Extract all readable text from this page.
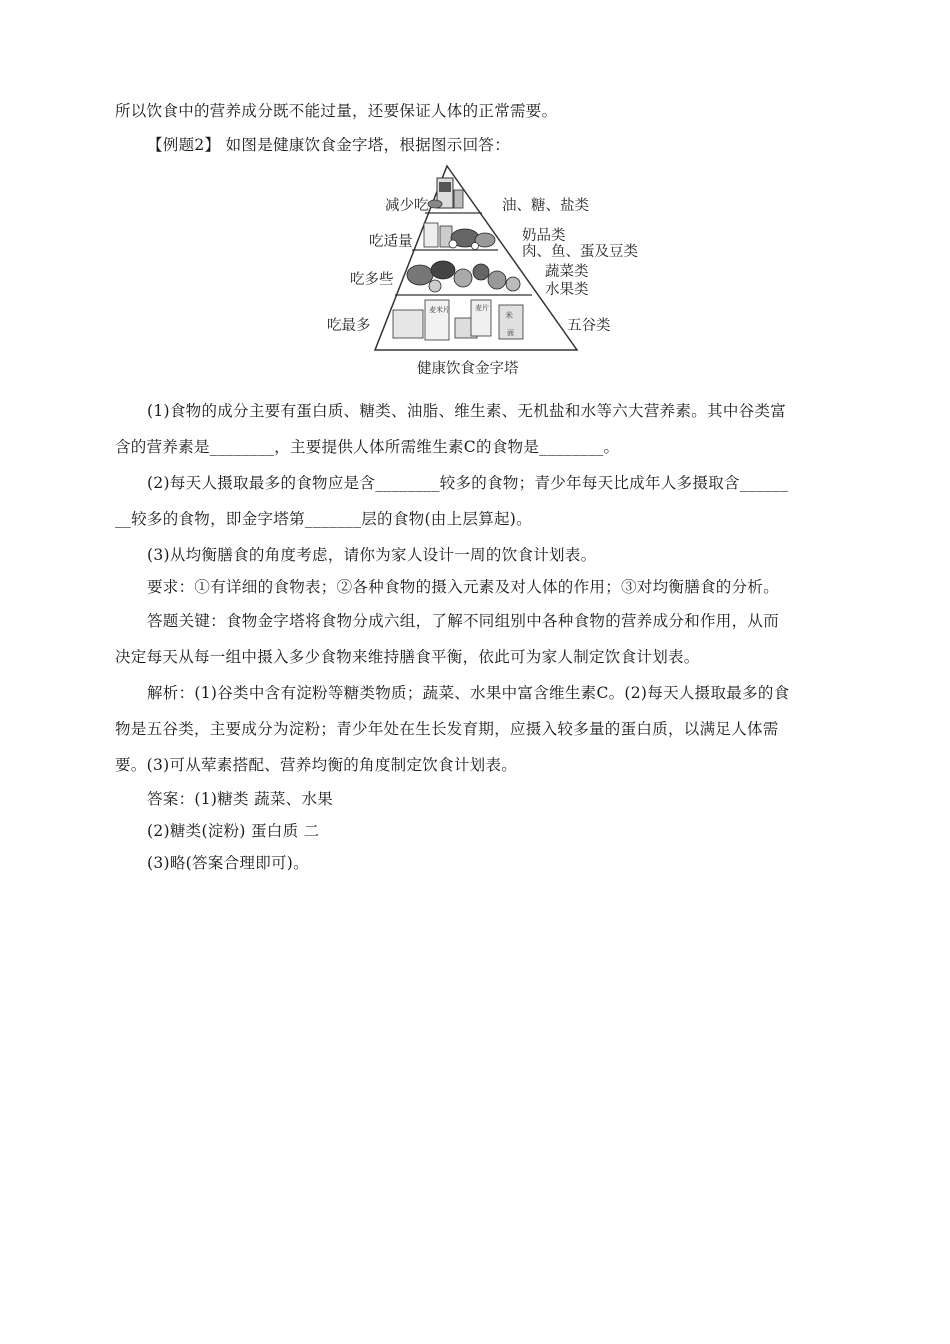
所以饮食中的营养成分既不能过量，还要保证人体的正常需要。
【例题2】 如图是健康饮食金字塔，根据图示回答：
麦米片	麦片
米
面
减少吃
吃适量
吃多些
吃最多
油、糖、盐类
奶品类
肉、鱼、蛋及豆类
蔬菜类
水果类
五谷类
健康饮食金字塔
(1)食物的成分主要有蛋白质、糖类、油脂、维生素、无机盐和水等六大营养素。其中谷类富
含的营养素是________，主要提供人体所需维生素C的食物是________。
(2)每天人摄取最多的食物应是含________较多的食物；青少年每天比成年人多摄取含______
__较多的食物，即金字塔第_______层的食物(由上层算起)。
(3)从均衡膳食的角度考虑，请你为家人设计一周的饮食计划表。
要求：①有详细的食物表；②各种食物的摄入元素及对人体的作用；③对均衡膳食的分析。
答题关键：食物金字塔将食物分成六组，了解不同组别中各种食物的营养成分和作用，从而
决定每天从每一组中摄入多少食物来维持膳食平衡，依此可为家人制定饮食计划表。
解析：(1)谷类中含有淀粉等糖类物质；蔬菜、水果中富含维生素C。(2)每天人摄取最多的食
物是五谷类，主要成分为淀粉；青少年处在生长发育期，应摄入较多量的蛋白质，以满足人体需
要。(3)可从荤素搭配、营养均衡的角度制定饮食计划表。
答案：(1)糖类 蔬菜、水果
(2)糖类(淀粉) 蛋白质 二
(3)略(答案合理即可)。
